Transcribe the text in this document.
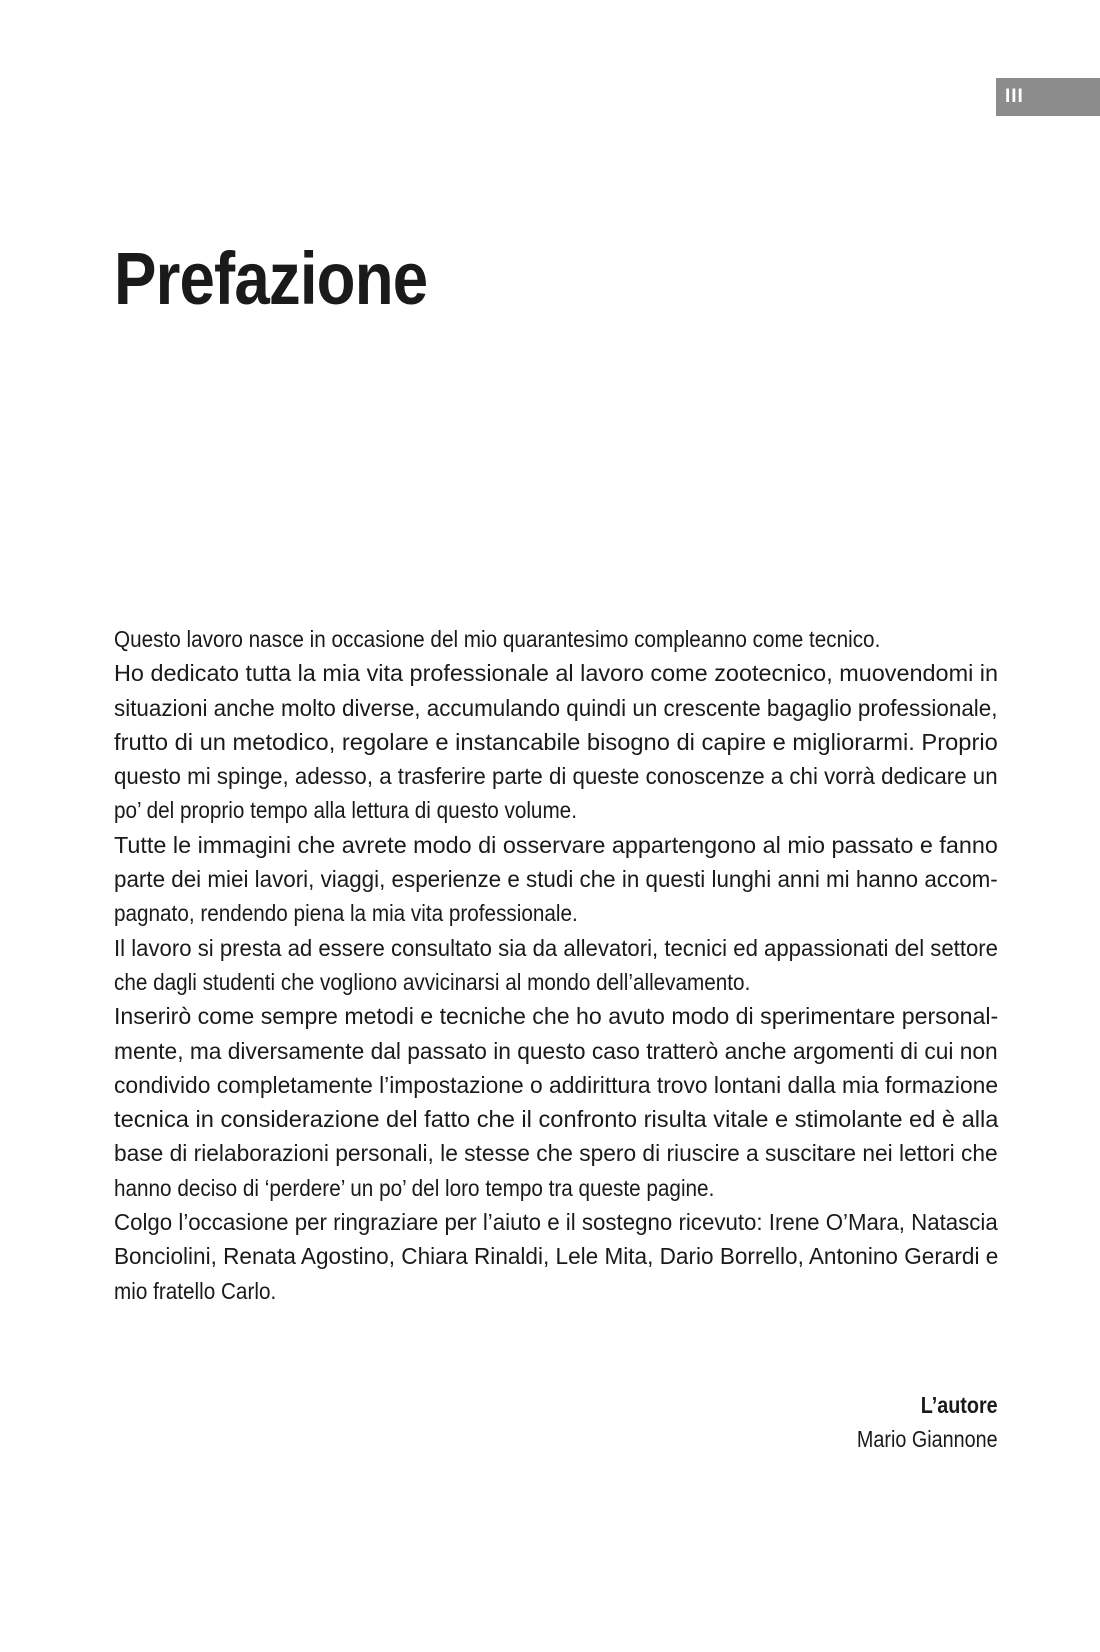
III
Prefazione
Questo lavoro nasce in occasione del mio quarantesimo compleanno come tecnico.
Ho dedicato tutta la mia vita professionale al lavoro come zootecnico, muovendomi in
situazioni anche molto diverse, accumulando quindi un crescente bagaglio professionale,
frutto di un metodico, regolare e instancabile bisogno di capire e migliorarmi. Proprio
questo mi spinge, adesso, a trasferire parte di queste conoscenze a chi vorrà dedicare un
po’ del proprio tempo alla lettura di questo volume.
Tutte le immagini che avrete modo di osservare appartengono al mio passato e fanno
parte dei miei lavori, viaggi, esperienze e studi che in questi lunghi anni mi hanno accom-
pagnato, rendendo piena la mia vita professionale.
Il lavoro si presta ad essere consultato sia da allevatori, tecnici ed appassionati del settore
che dagli studenti che vogliono avvicinarsi al mondo dell’allevamento.
Inserirò come sempre metodi e tecniche che ho avuto modo di sperimentare personal-
mente, ma diversamente dal passato in questo caso tratterò anche argomenti di cui non
condivido completamente l’impostazione o addirittura trovo lontani dalla mia formazione
tecnica in considerazione del fatto che il confronto risulta vitale e stimolante ed è alla
base di rielaborazioni personali, le stesse che spero di riuscire a suscitare nei lettori che
hanno deciso di ‘perdere’ un po’ del loro tempo tra queste pagine.
Colgo l’occasione per ringraziare per l’aiuto e il sostegno ricevuto: Irene O’Mara, Natascia
Bonciolini, Renata Agostino, Chiara Rinaldi, Lele Mita, Dario Borrello, Antonino Gerardi e
mio fratello Carlo.
L’autore
Mario Giannone
